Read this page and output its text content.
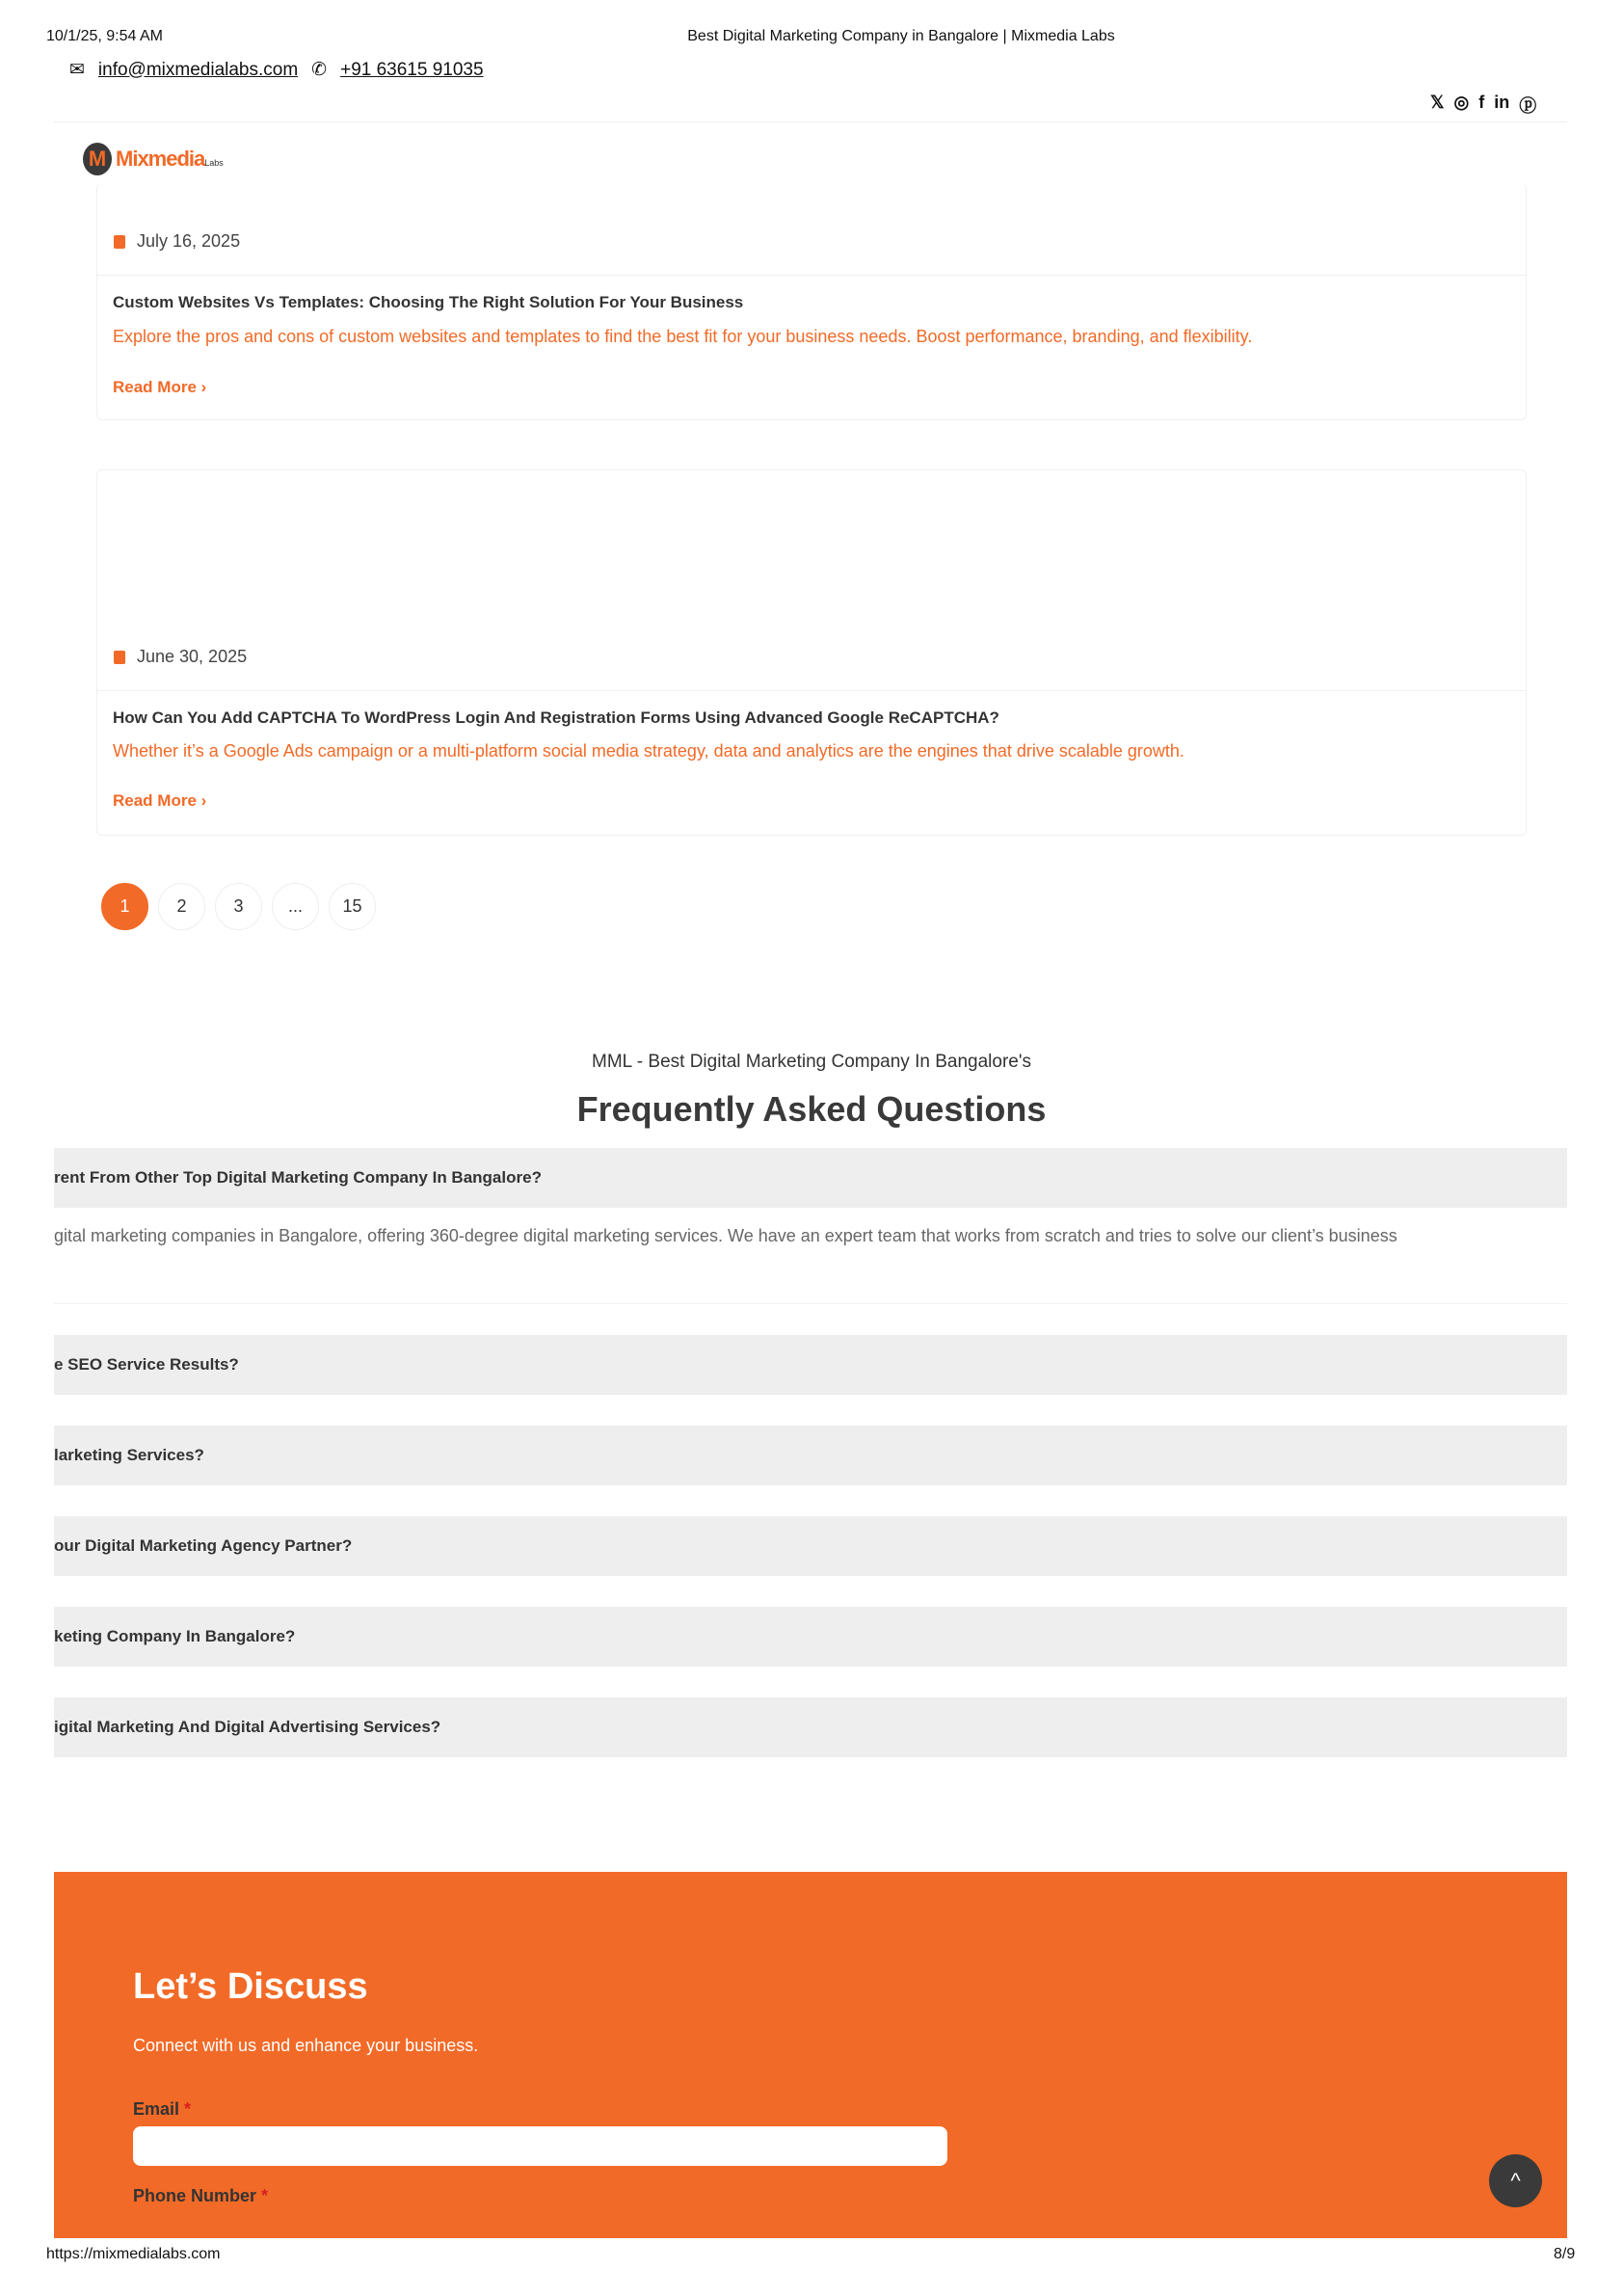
10/1/25, 9:54 AM	Best Digital Marketing Company in Bangalore | Mixmedia Labs
✉ info@mixmedialabs.com ✆ +91 63615 91035
𝕏 ◎ f in ⓟ
M MixmediaLabs
July 16, 2025
Custom Websites Vs Templates: Choosing The Right Solution For Your Business
Explore the pros and cons of custom websites and templates to find the best fit for your business needs. Boost performance, branding, and flexibility.
Read More ›
June 30, 2025
How Can You Add CAPTCHA To WordPress Login And Registration Forms Using Advanced Google ReCAPTCHA?
Whether it’s a Google Ads campaign or a multi-platform social media strategy, data and analytics are the engines that drive scalable growth.
Read More ›
1	2	3	...	15
MML - Best Digital Marketing Company In Bangalore's
Frequently Asked Questions
rent From Other Top Digital Marketing Company In Bangalore?
gital marketing companies in Bangalore, offering 360-degree digital marketing services. We have an expert team that works from scratch and tries to solve our client’s business
e SEO Service Results?
larketing Services?
our Digital Marketing Agency Partner?
keting Company In Bangalore?
igital Marketing And Digital Advertising Services?
Let’s Discuss
Connect with us and enhance your business.
Email *
Phone Number *
^
https://mixmedialabs.com	8/9
